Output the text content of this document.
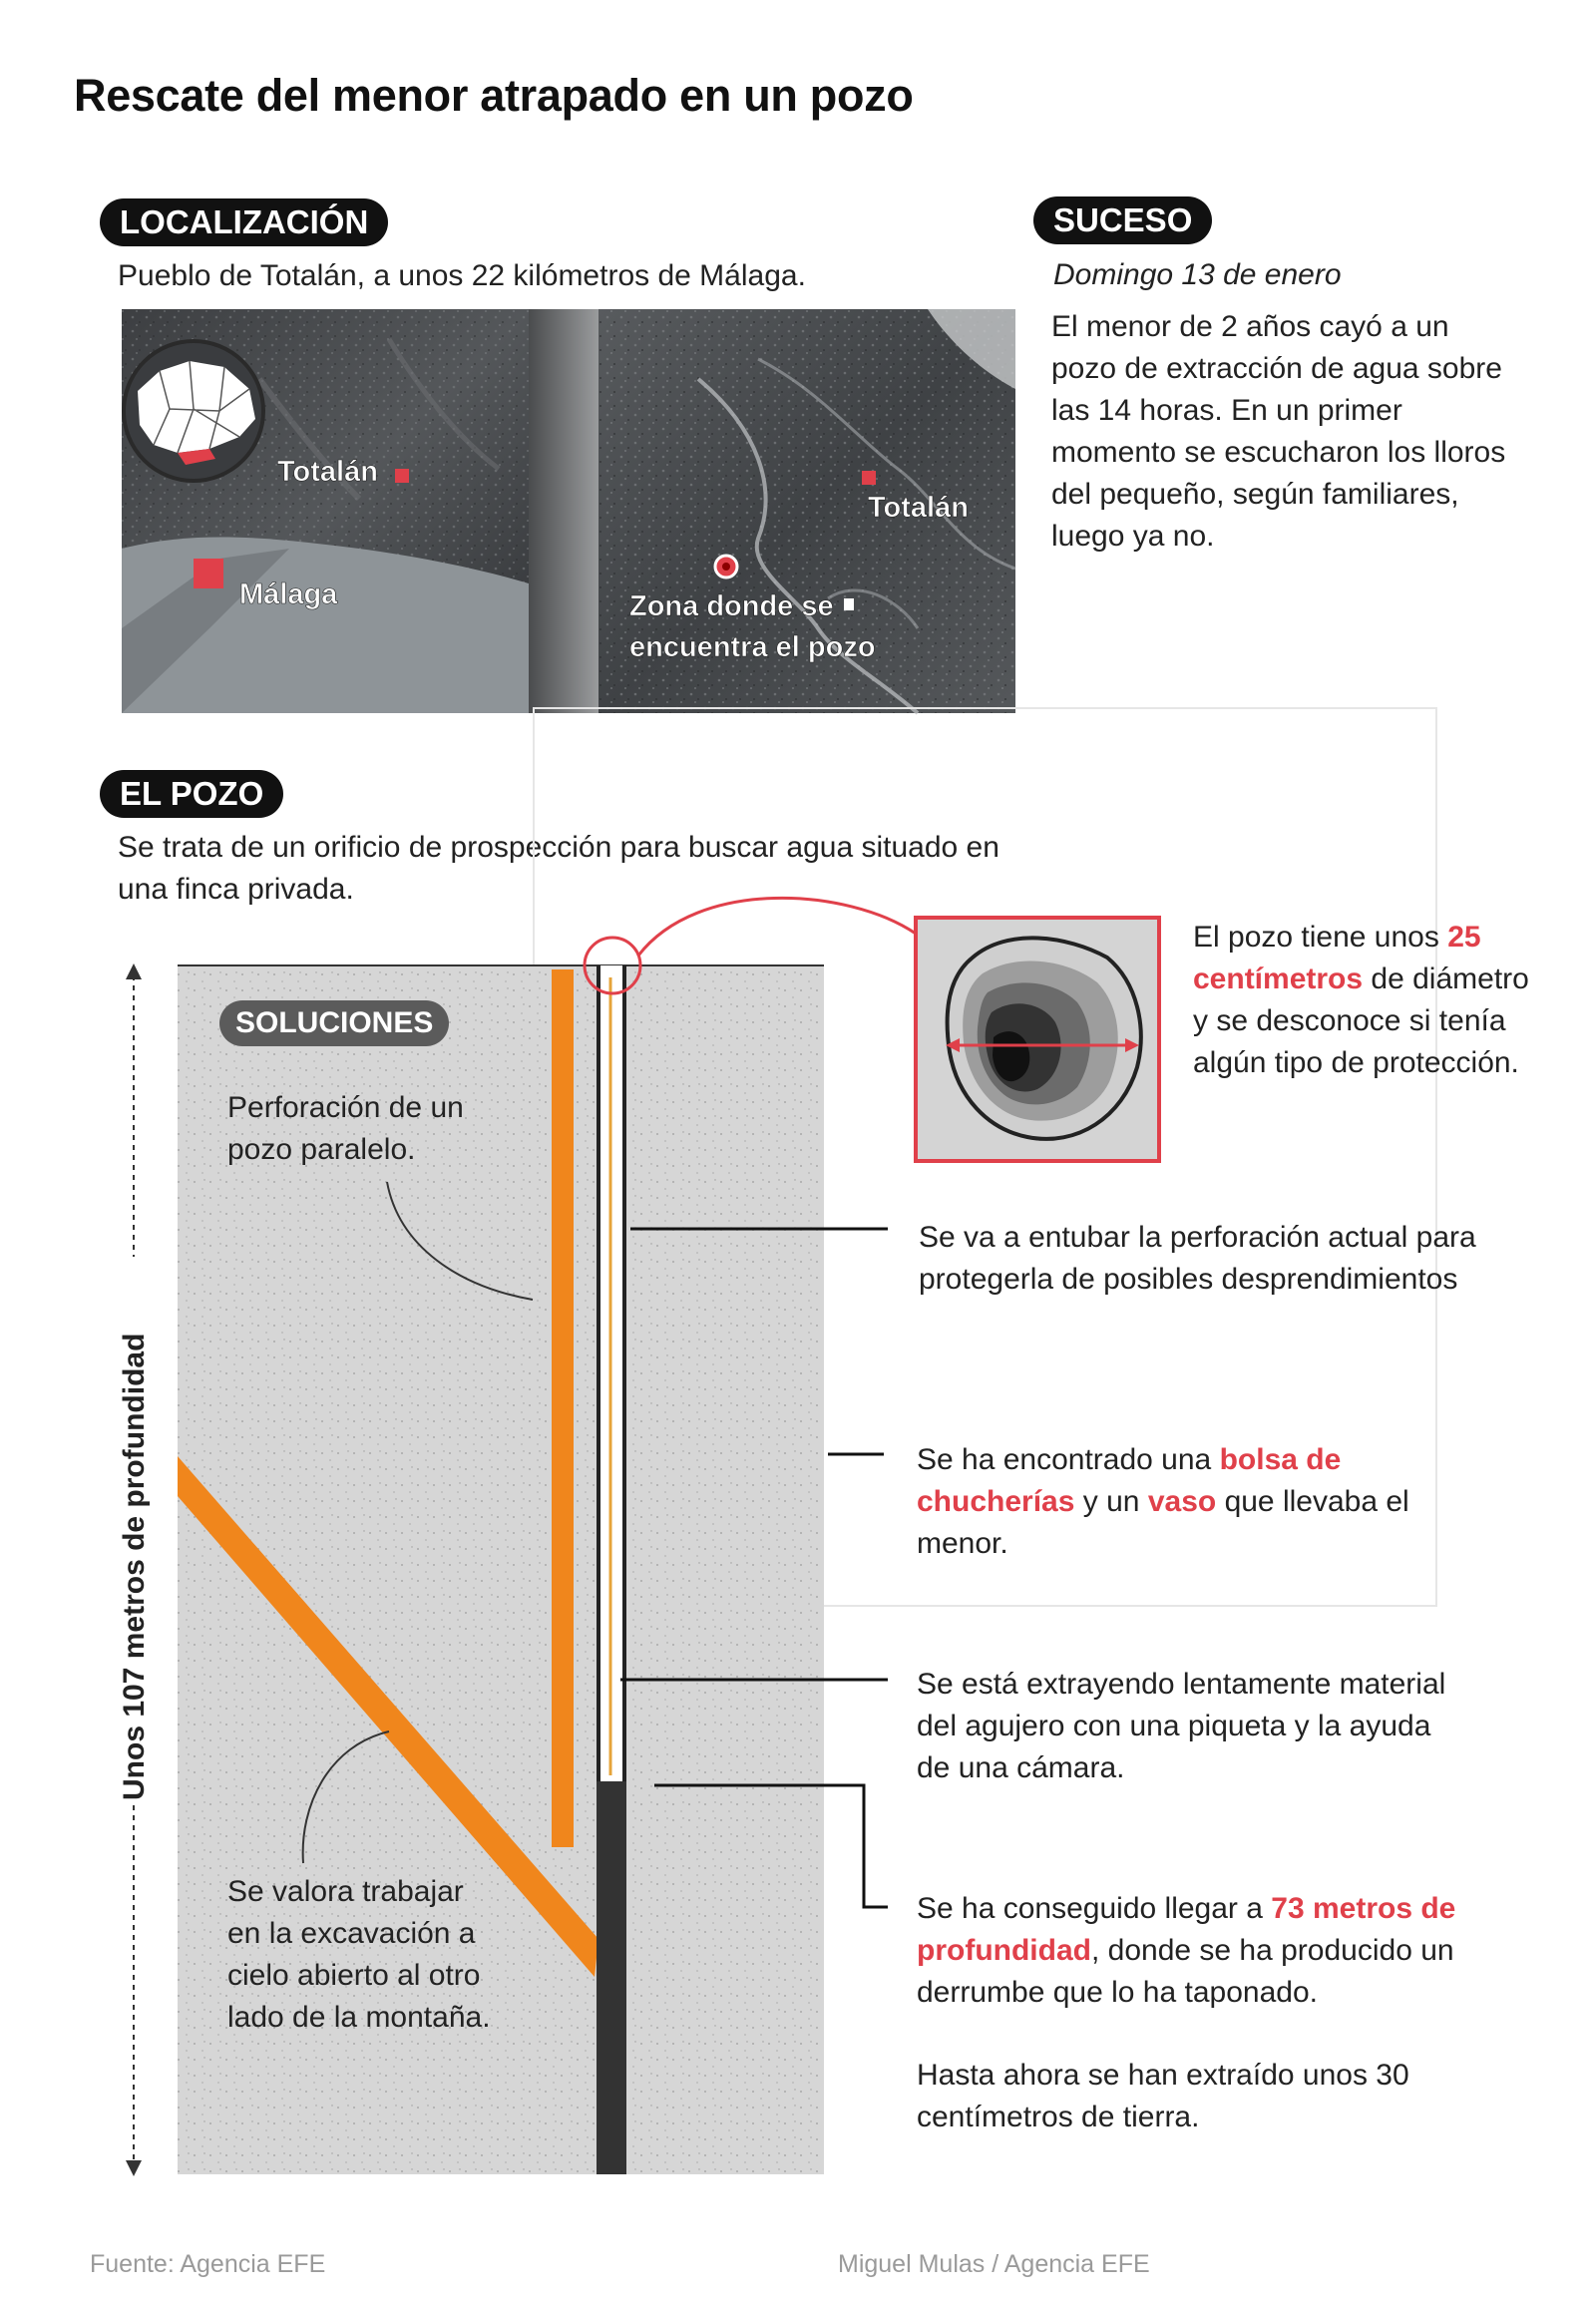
Rescate del menor atrapado en un pozo
LOCALIZACIÓN
Pueblo de Totalán, a unos 22 kilómetros de Málaga.
Totalán
Málaga
Totalán
Zona donde se
encuentra el pozo
SUCESO
Domingo 13 de enero
El menor de 2 años cayó a un
pozo de extracción de agua sobre
las 14 horas. En un primer
momento se escucharon los lloros
del pequeño, según familiares,
luego ya no.
EL POZO
Se trata de un orificio de prospección para buscar agua situado en
una finca privada.
Unos 107 metros de profundidad
SOLUCIONES
Perforación de un
pozo paralelo.
Se valora trabajar
en la excavación a
cielo abierto al otro
lado de la montaña.
El pozo tiene unos 25
centímetros de diámetro
y se desconoce si tenía
algún tipo de protección.
Se va a entubar la perforación actual para
protegerla de posibles desprendimientos
Se ha encontrado una bolsa de
chucherías y un vaso que llevaba el
menor.
Se está extrayendo lentamente material
del agujero con una piqueta y la ayuda
de una cámara.
Se ha conseguido llegar a 73 metros de
profundidad, donde se ha producido un
derrumbe que lo ha taponado.
Hasta ahora se han extraído unos 30
centímetros de tierra.
Fuente: Agencia EFE	Miguel Mulas / Agencia EFE
